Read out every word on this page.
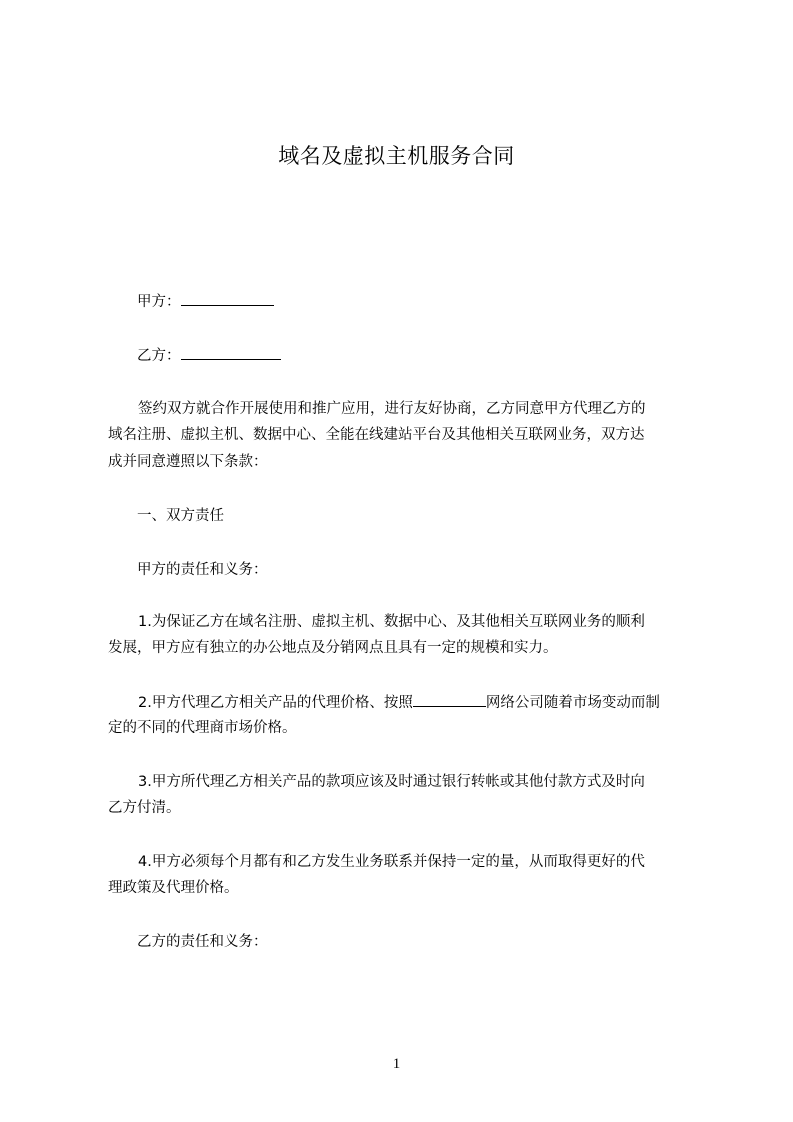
域名及虚拟主机服务合同
甲方：
乙方：
签约双方就合作开展使用和推广应用，进行友好协商，乙方同意甲方代理乙方的
域名注册、虚拟主机、数据中心、全能在线建站平台及其他相关互联网业务，双方达
成并同意遵照以下条款：
一、双方责任
甲方的责任和义务：
1.为保证乙方在域名注册、虚拟主机、数据中心、及其他相关互联网业务的顺利
发展，甲方应有独立的办公地点及分销网点且具有一定的规模和实力。
2.甲方代理乙方相关产品的代理价格、按照	网络公司随着市场变动而制
定的不同的代理商市场价格。
3.甲方所代理乙方相关产品的款项应该及时通过银行转帐或其他付款方式及时向
乙方付清。
4.甲方必须每个月都有和乙方发生业务联系并保持一定的量，从而取得更好的代
理政策及代理价格。
乙方的责任和义务：
1
